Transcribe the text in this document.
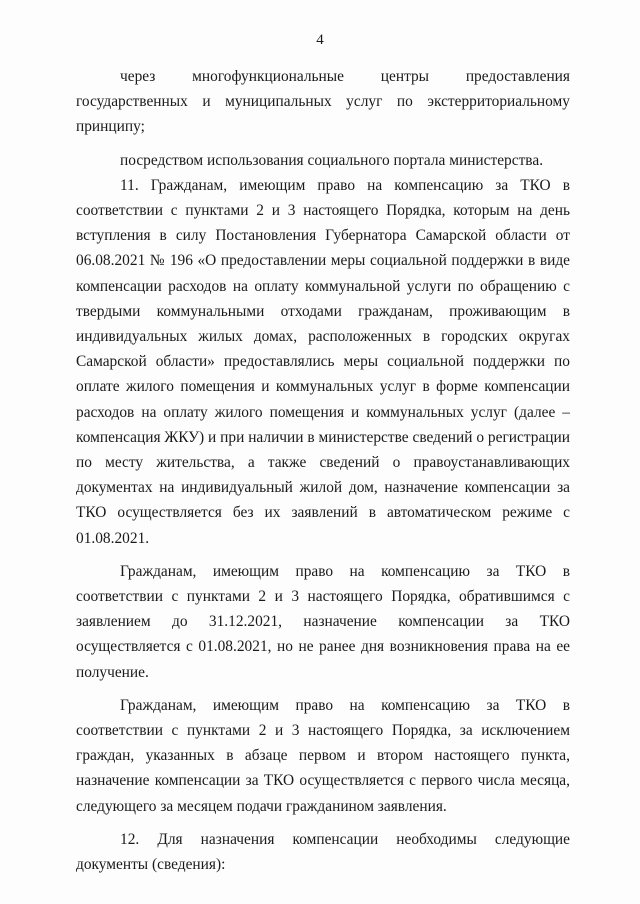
4

через многофункциональные центры предоставления государственных и муниципальных услуг по экстерриториальному принципу;

посредством использования социального портала министерства.

11. Гражданам, имеющим право на компенсацию за ТКО в соответствии с пунктами 2 и 3 настоящего Порядка, которым на день вступления в силу Постановления Губернатора Самарской области от 06.08.2021 № 196 «О предоставлении меры социальной поддержки в виде компенсации расходов на оплату коммунальной услуги по обращению с твердыми коммунальными отходами гражданам, проживающим в индивидуальных жилых домах, расположенных в городских округах Самарской области» предоставлялись меры социальной поддержки по оплате жилого помещения и коммунальных услуг в форме компенсации расходов на оплату жилого помещения и коммунальных услуг (далее – компенсация ЖКУ) и при наличии в министерстве сведений о регистрации по месту жительства, а также сведений о правоустанавливающих документах на индивидуальный жилой дом, назначение компенсации за ТКО осуществляется без их заявлений в автоматическом режиме с 01.08.2021.

Гражданам, имеющим право на компенсацию за ТКО в соответствии с пунктами 2 и 3 настоящего Порядка, обратившимся с заявлением до 31.12.2021, назначение компенсации за ТКО осуществляется с 01.08.2021, но не ранее дня возникновения права на ее получение.

Гражданам, имеющим право на компенсацию за ТКО в соответствии с пунктами 2 и 3 настоящего Порядка, за исключением граждан, указанных в абзаце первом и втором настоящего пункта, назначение компенсации за ТКО осуществляется с первого числа месяца, следующего за месяцем подачи гражданином заявления.

12. Для назначения компенсации необходимы следующие документы (сведения):
